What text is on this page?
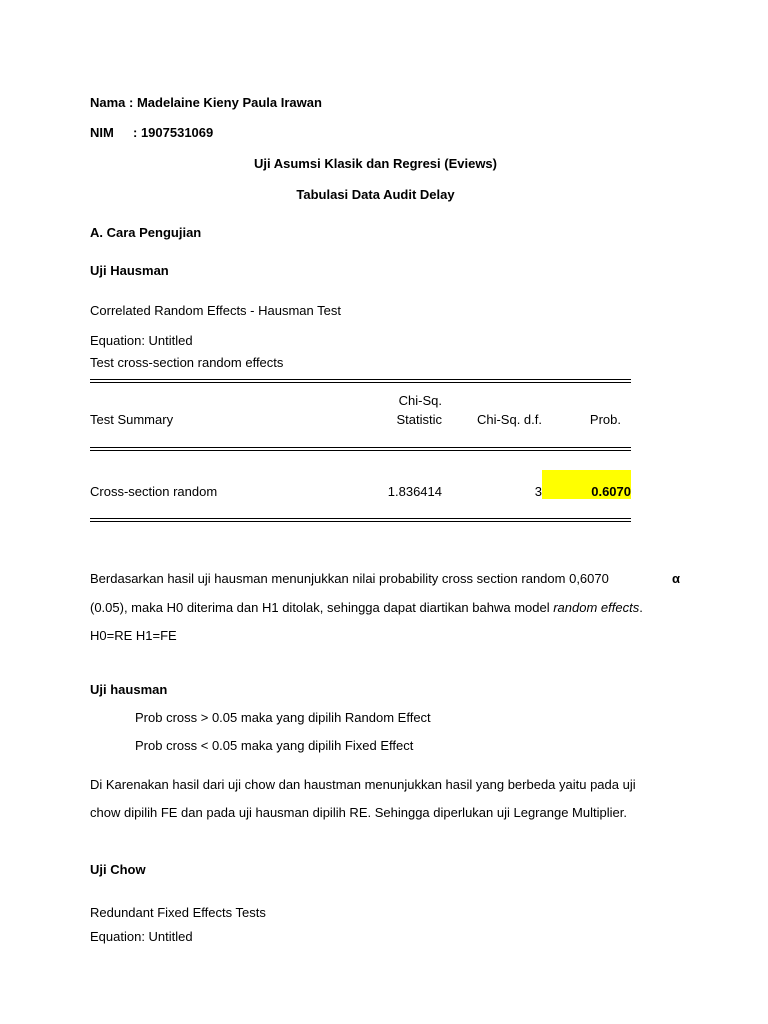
Nama : Madelaine Kieny Paula Irawan
NIM : 1907531069
Uji Asumsi Klasik dan Regresi (Eviews)
Tabulasi Data Audit Delay
A. Cara Pengujian
Uji Hausman
Correlated Random Effects - Hausman Test
Equation: Untitled
Test cross-section random effects
Chi-Sq.
Test Summary	Statistic	Chi-Sq. d.f.	Prob.
Cross-section random	1.836414	3	0.6070
Berdasarkan hasil uji hausman menunjukkan nilai probability cross section random 0,6070	α
(0.05), maka H0 diterima dan H1 ditolak, sehingga dapat diartikan bahwa model random effects.
H0=RE H1=FE
Uji hausman
Prob cross > 0.05 maka yang dipilih Random Effect
Prob cross < 0.05 maka yang dipilih Fixed Effect
Di Karenakan hasil dari uji chow dan haustman menunjukkan hasil yang berbeda yaitu pada uji
chow dipilih FE dan pada uji hausman dipilih RE. Sehingga diperlukan uji Legrange Multiplier.
Uji Chow
Redundant Fixed Effects Tests
Equation: Untitled
